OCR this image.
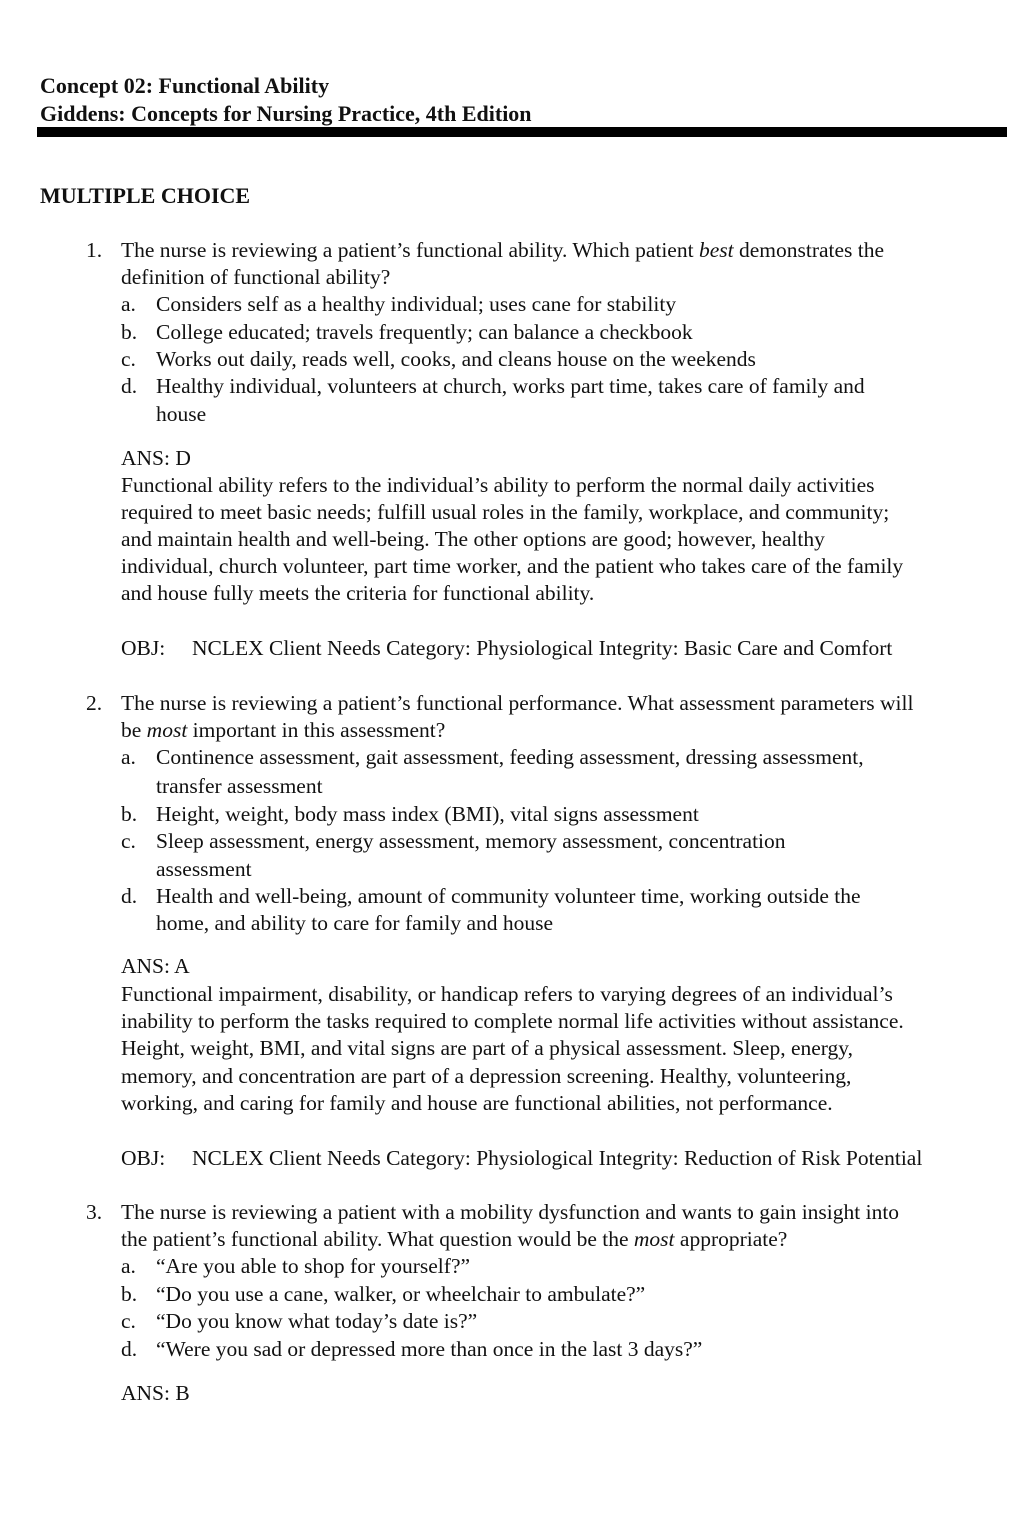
Concept 02: Functional Ability
Giddens: Concepts for Nursing Practice, 4th Edition
MULTIPLE CHOICE
1. The nurse is reviewing a patient’s functional ability. Which patient best demonstrates the
definition of functional ability?
a. Considers self as a healthy individual; uses cane for stability
b. College educated; travels frequently; can balance a checkbook
c. Works out daily, reads well, cooks, and cleans house on the weekends
d. Healthy individual, volunteers at church, works part time, takes care of family and
house
ANS: D
Functional ability refers to the individual’s ability to perform the normal daily activities
required to meet basic needs; fulfill usual roles in the family, workplace, and community;
and maintain health and well-being. The other options are good; however, healthy
individual, church volunteer, part time worker, and the patient who takes care of the family
and house fully meets the criteria for functional ability.
OBJ: NCLEX Client Needs Category: Physiological Integrity: Basic Care and Comfort
2. The nurse is reviewing a patient’s functional performance. What assessment parameters will
be most important in this assessment?
a. Continence assessment, gait assessment, feeding assessment, dressing assessment,
transfer assessment
b. Height, weight, body mass index (BMI), vital signs assessment
c. Sleep assessment, energy assessment, memory assessment, concentration
assessment
d. Health and well-being, amount of community volunteer time, working outside the
home, and ability to care for family and house
ANS: A
Functional impairment, disability, or handicap refers to varying degrees of an individual’s
inability to perform the tasks required to complete normal life activities without assistance.
Height, weight, BMI, and vital signs are part of a physical assessment. Sleep, energy,
memory, and concentration are part of a depression screening. Healthy, volunteering,
working, and caring for family and house are functional abilities, not performance.
OBJ: NCLEX Client Needs Category: Physiological Integrity: Reduction of Risk Potential
3. The nurse is reviewing a patient with a mobility dysfunction and wants to gain insight into
the patient’s functional ability. What question would be the most appropriate?
a. “Are you able to shop for yourself?”
b. “Do you use a cane, walker, or wheelchair to ambulate?”
c. “Do you know what today’s date is?”
d. “Were you sad or depressed more than once in the last 3 days?”
ANS: B
